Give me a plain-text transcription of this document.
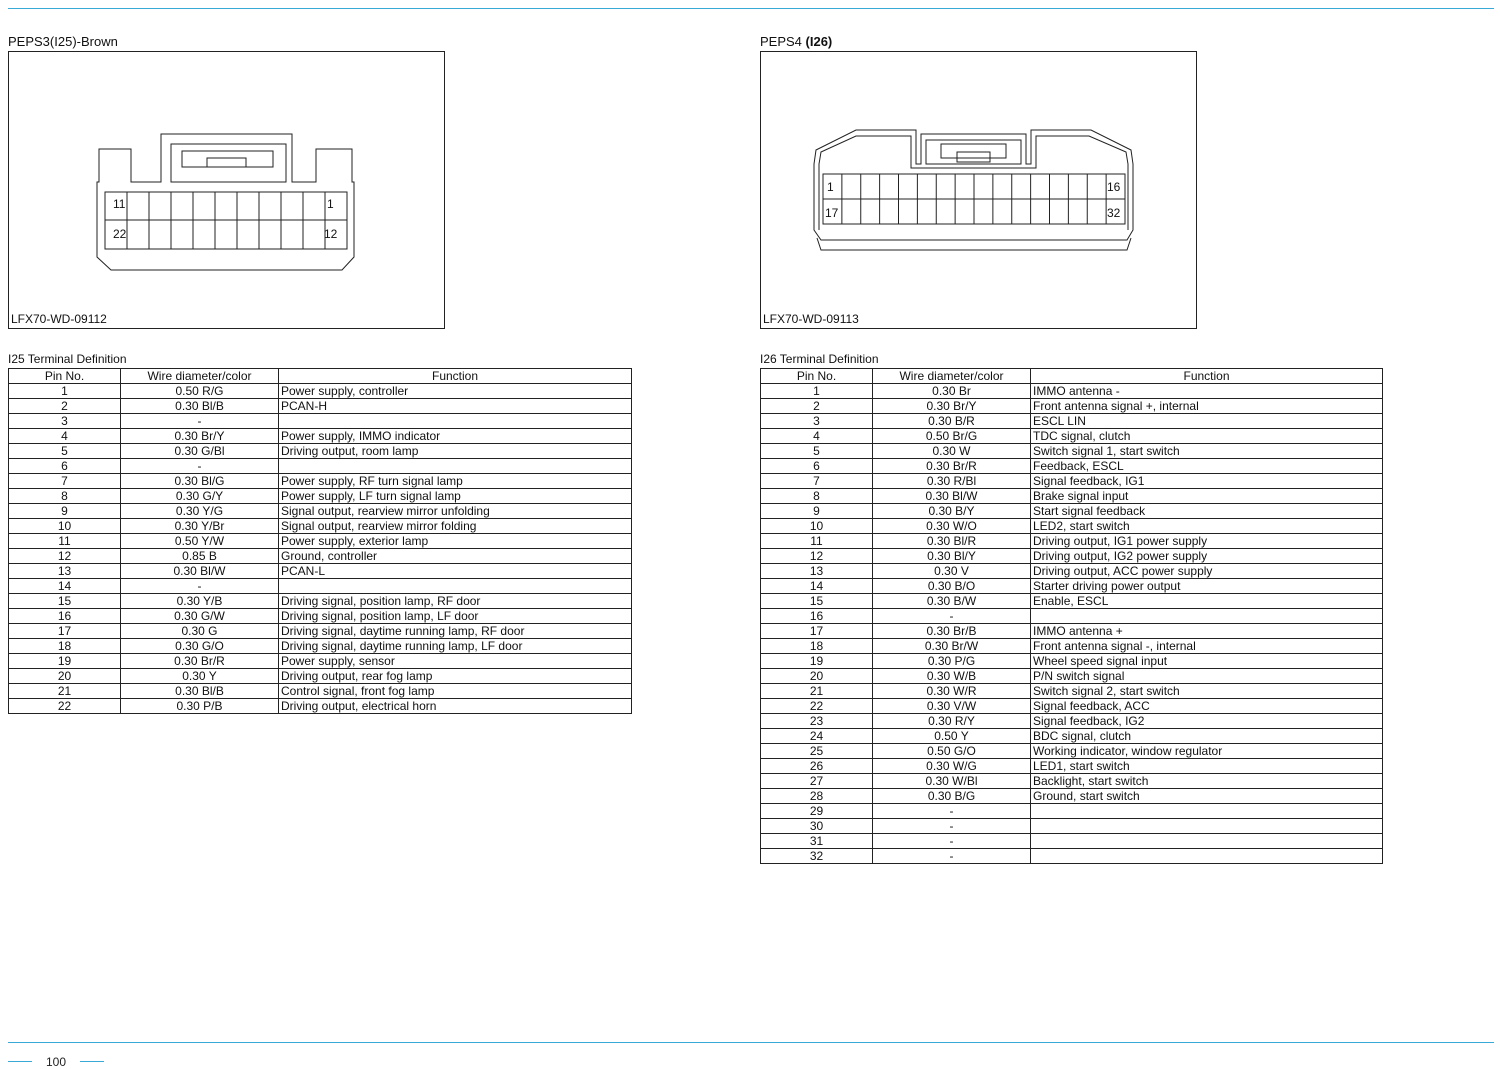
PEPS3(I25)-Brown
11	1
22	12
LFX70-WD-09112
I25 Terminal Definition
Pin No.	Wire diameter/color	Function
1	0.50 R/G	Power supply, controller
2	0.30 Bl/B	PCAN-H
3	-	
4	0.30 Br/Y	Power supply, IMMO indicator
5	0.30 G/Bl	Driving output, room lamp
6	-	
7	0.30 Bl/G	Power supply, RF turn signal lamp
8	0.30 G/Y	Power supply, LF turn signal lamp
9	0.30 Y/G	Signal output, rearview mirror unfolding
10	0.30 Y/Br	Signal output, rearview mirror folding
11	0.50 Y/W	Power supply, exterior lamp
12	0.85 B	Ground, controller
13	0.30 Bl/W	PCAN-L
14	-	
15	0.30 Y/B	Driving signal, position lamp, RF door
16	0.30 G/W	Driving signal, position lamp, LF door
17	0.30 G	Driving signal, daytime running lamp, RF door
18	0.30 G/O	Driving signal, daytime running lamp, LF door
19	0.30 Br/R	Power supply, sensor
20	0.30 Y	Driving output, rear fog lamp
21	0.30 Bl/B	Control signal, front fog lamp
22	0.30 P/B	Driving output, electrical horn
PEPS4 (I26)
1	16
17	32
LFX70-WD-09113
I26 Terminal Definition
Pin No.	Wire diameter/color	Function
1	0.30 Br	IMMO antenna -
2	0.30 Br/Y	Front antenna signal +, internal
3	0.30 B/R	ESCL LIN
4	0.50 Br/G	TDC signal, clutch
5	0.30 W	Switch signal 1, start switch
6	0.30 Br/R	Feedback, ESCL
7	0.30 R/Bl	Signal feedback, IG1
8	0.30 Bl/W	Brake signal input
9	0.30 B/Y	Start signal feedback
10	0.30 W/O	LED2, start switch
11	0.30 Bl/R	Driving output, IG1 power supply
12	0.30 Bl/Y	Driving output, IG2 power supply
13	0.30 V	Driving output, ACC power supply
14	0.30 B/O	Starter driving power output
15	0.30 B/W	Enable, ESCL
16	-	
17	0.30 Br/B	IMMO antenna +
18	0.30 Br/W	Front antenna signal -, internal
19	0.30 P/G	Wheel speed signal input
20	0.30 W/B	P/N switch signal
21	0.30 W/R	Switch signal 2, start switch
22	0.30 V/W	Signal feedback, ACC
23	0.30 R/Y	Signal feedback, IG2
24	0.50 Y	BDC signal, clutch
25	0.50 G/O	Working indicator, window regulator
26	0.30 W/G	LED1, start switch
27	0.30 W/Bl	Backlight, start switch
28	0.30 B/G	Ground, start switch
29	-	
30	-	
31	-	
32	-	
100
